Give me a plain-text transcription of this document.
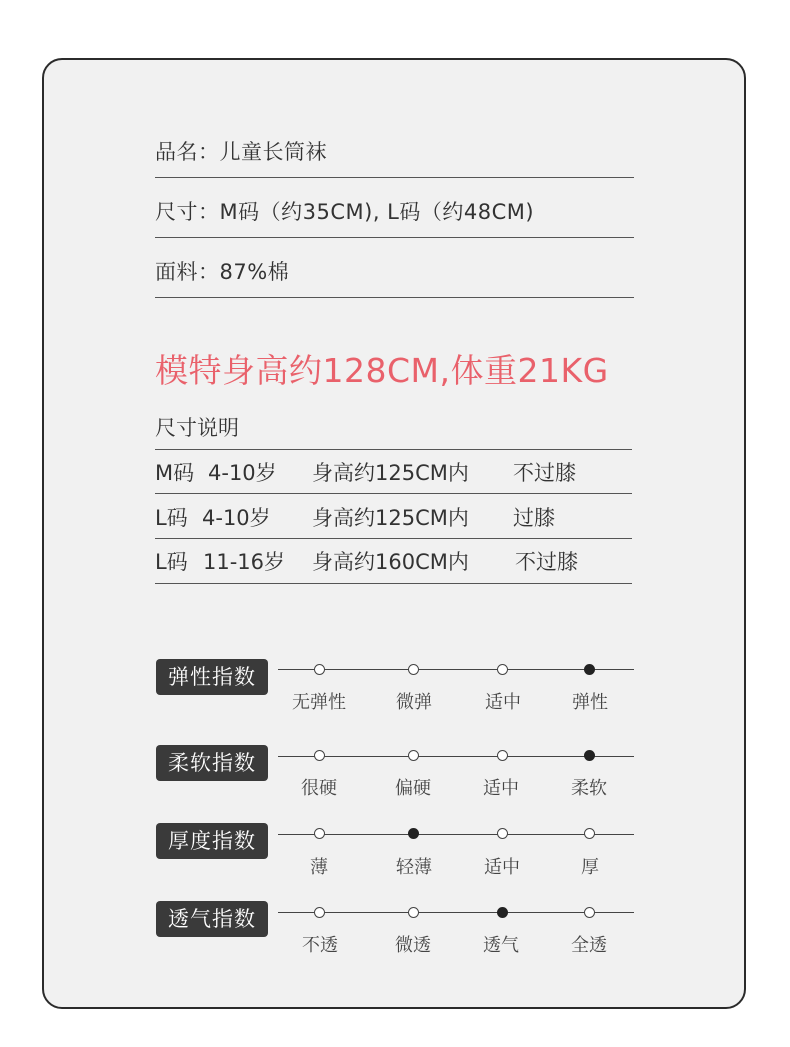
品名：儿童长筒袜
尺寸：M码（约35CM), L码（约48CM)
面料：87%棉
模特身高约128CM,体重21KG
尺寸说明
M码 4-10岁 身高约125CM内 不过膝
L码 4-10岁 身高约125CM内 过膝
L码 11-16岁 身高约160CM内 不过膝
弹性指数
无弹性	微弹	适中	弹性
柔软指数
很硬	偏硬	适中	柔软
厚度指数
薄	轻薄	适中	厚
透气指数
不透	微透	透气	全透
